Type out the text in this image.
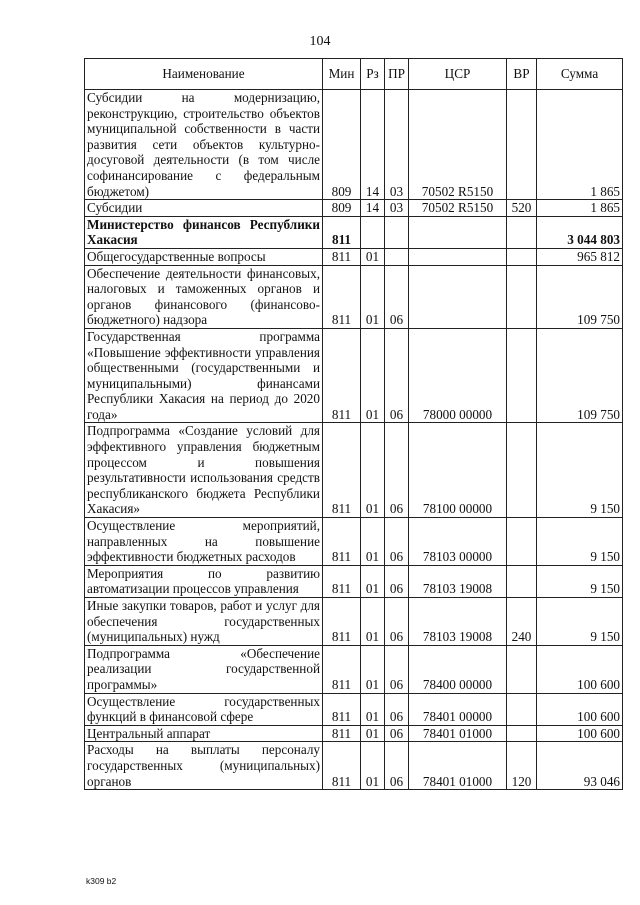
104
Наименование	Мин	Рз	ПР	ЦСР	ВР	Сумма
Субсидии на модернизацию, реконструкцию, строительство объектов муниципальной собственности в части развития сети объектов культурно-досуговой деятельности (в том числе софинансирование с федеральным бюджетом)	809	14	03	70502 R5150		1 865
Субсидии	809	14	03	70502 R5150	520	1 865
Министерство финансов Республики Хакасия	811					3 044 803
Общегосударственные вопросы	811	01				965 812
Обеспечение деятельности финансовых, налоговых и таможенных органов и органов финансового (финансово-бюджетного) надзора	811	01	06			109 750
Государственная программа «Повышение эффективности управления общественными (государственными и муниципальными) финансами Республики Хакасия на период до 2020 года»	811	01	06	78000 00000		109 750
Подпрограмма «Создание условий для эффективного управления бюджетным процессом и повышения результативности использования средств республиканского бюджета Республики Хакасия»	811	01	06	78100 00000		9 150
Осуществление мероприятий, направленных на повышение эффективности бюджетных расходов	811	01	06	78103 00000		9 150
Мероприятия по развитию автоматизации процессов управления	811	01	06	78103 19008		9 150
Иные закупки товаров, работ и услуг для обеспечения государственных (муниципальных) нужд	811	01	06	78103 19008	240	9 150
Подпрограмма «Обеспечение реализации государственной программы»	811	01	06	78400 00000		100 600
Осуществление государственных функций в финансовой сфере	811	01	06	78401 00000		100 600
Центральный аппарат	811	01	06	78401 01000		100 600
Расходы на выплаты персоналу государственных (муниципальных) органов	811	01	06	78401 01000	120	93 046
k309 b2
